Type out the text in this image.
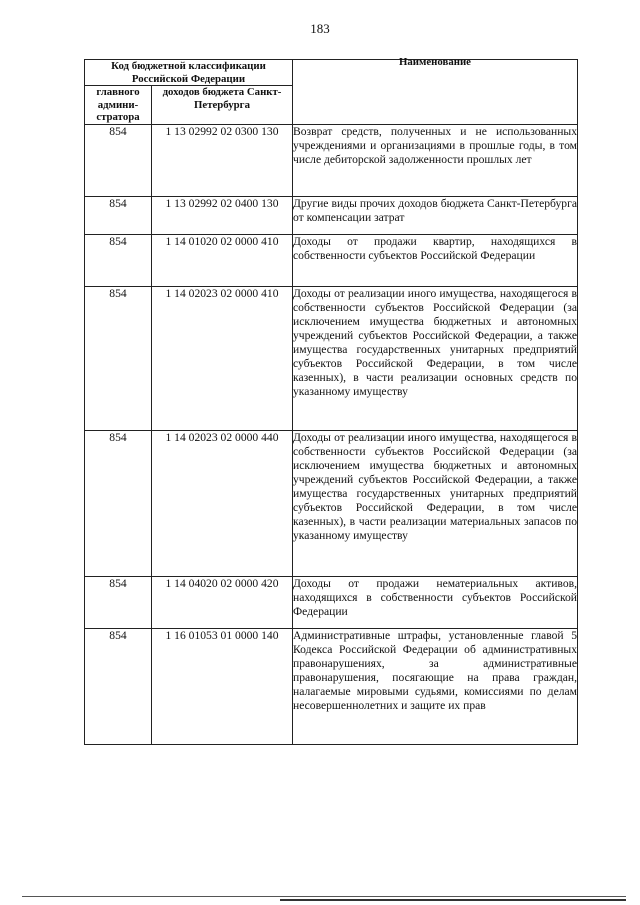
183
Код бюджетной классификации Российской Федерации		Наименование
главного админи-стратора	доходов бюджета Санкт-Петербурга	
854	1 13 02992 02 0300 130	Возврат средств, полученных и не использованных учреждениями и организациями в прошлые годы, в том числе дебиторской задолженности прошлых лет
854	1 13 02992 02 0400 130	Другие виды прочих доходов бюджета Санкт-Петербурга от компенсации затрат
854	1 14 01020 02 0000 410	Доходы от продажи квартир, находящихся в собственности субъектов Российской Федерации
854	1 14 02023 02 0000 410	Доходы от реализации иного имущества, находящегося в собственности субъектов Российской Федерации (за исключением имущества бюджетных и автономных учреждений субъектов Российской Федерации, а также имущества государственных унитарных предприятий субъектов Российской Федерации, в том числе казенных), в части реализации основных средств по указанному имуществу
854	1 14 02023 02 0000 440	Доходы от реализации иного имущества, находящегося в собственности субъектов Российской Федерации (за исключением имущества бюджетных и автономных учреждений субъектов Российской Федерации, а также имущества государственных унитарных предприятий субъектов Российской Федерации, в том числе казенных), в части реализации материальных запасов по указанному имуществу
854	1 14 04020 02 0000 420	Доходы от продажи нематериальных активов, находящихся в собственности субъектов Российской Федерации
854	1 16 01053 01 0000 140	Административные штрафы, установленные главой 5 Кодекса Российской Федерации об административных правонарушениях, за административные правонарушения, посягающие на права граждан, налагаемые мировыми судьями, комиссиями по делам несовершеннолетних и защите их прав
